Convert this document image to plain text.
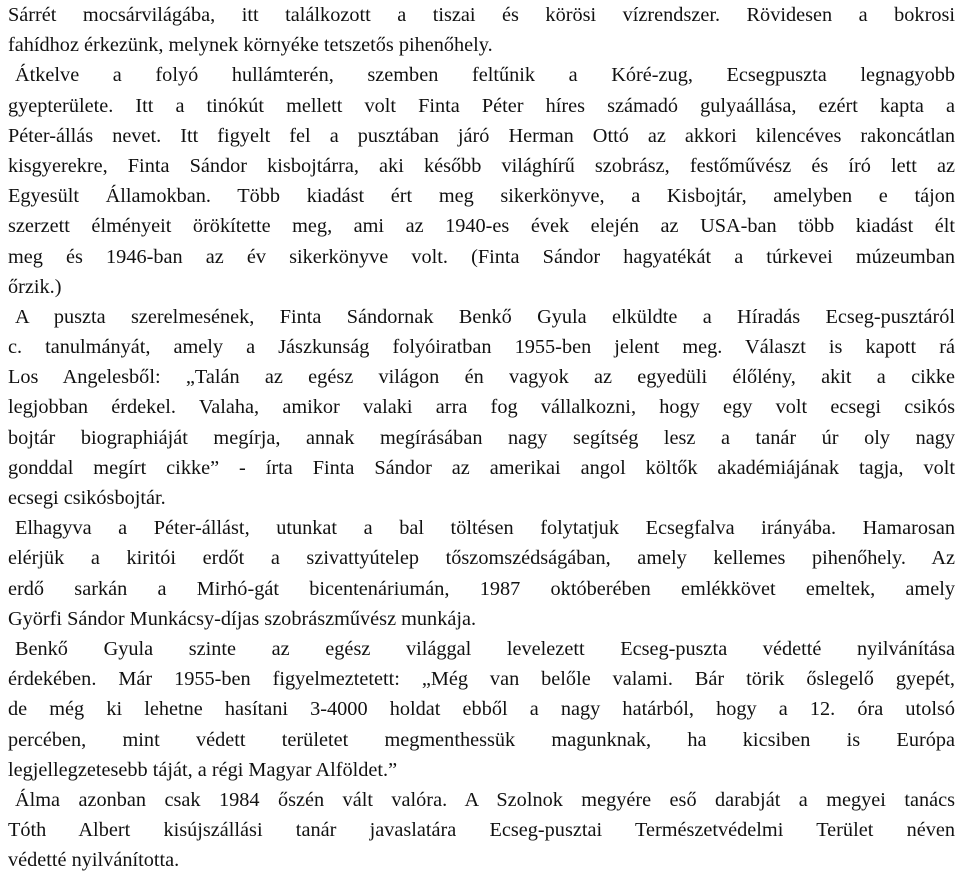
Sárrét mocsárvilágába, itt találkozott a tiszai és körösi vízrendszer. Rövidesen a bokrosi
fahídhoz érkezünk, melynek környéke tetszetős pihenőhely.
Átkelve a folyó hullámterén, szemben feltűnik a Kóré-zug, Ecsegpuszta legnagyobb
gyepterülete. Itt a tinókút mellett volt Finta Péter híres számadó gulyaállása, ezért kapta a
Péter-állás nevet. Itt figyelt fel a pusztában járó Herman Ottó az akkori kilencéves rakoncátlan
kisgyerekre, Finta Sándor kisbojtárra, aki később világhírű szobrász, festőművész és író lett az
Egyesült Államokban. Több kiadást ért meg sikerkönyve, a Kisbojtár, amelyben e tájon
szerzett élményeit örökítette meg, ami az 1940-es évek elején az USA-ban több kiadást élt
meg és 1946-ban az év sikerkönyve volt. (Finta Sándor hagyatékát a túrkevei múzeumban
őrzik.)
A puszta szerelmesének, Finta Sándornak Benkő Gyula elküldte a Híradás Ecseg-pusztáról
c. tanulmányát, amely a Jászkunság folyóiratban 1955-ben jelent meg. Választ is kapott rá
Los Angelesből: „Talán az egész világon én vagyok az egyedüli élőlény, akit a cikke
legjobban érdekel. Valaha, amikor valaki arra fog vállalkozni, hogy egy volt ecsegi csikós
bojtár biographiáját megírja, annak megírásában nagy segítség lesz a tanár úr oly nagy
gonddal megírt cikke” - írta Finta Sándor az amerikai angol költők akadémiájának tagja, volt
ecsegi csikósbojtár.
Elhagyva a Péter-állást, utunkat a bal töltésen folytatjuk Ecsegfalva irányába. Hamarosan
elérjük a kiritói erdőt a szivattyútelep tőszomszédságában, amely kellemes pihenőhely. Az
erdő sarkán a Mirhó-gát bicentenáriumán, 1987 októberében emlékkövet emeltek, amely
Györfi Sándor Munkácsy-díjas szobrászművész munkája.
Benkő Gyula szinte az egész világgal levelezett Ecseg-puszta védetté nyilvánítása
érdekében. Már 1955-ben figyelmeztetett: „Még van belőle valami. Bár törik őslegelő gyepét,
de még ki lehetne hasítani 3-4000 holdat ebből a nagy határból, hogy a 12. óra utolsó
percében, mint védett területet megmenthessük magunknak, ha kicsiben is Európa
legjellegzetesebb táját, a régi Magyar Alföldet.”
Álma azonban csak 1984 őszén vált valóra. A Szolnok megyére eső darabját a megyei tanács
Tóth Albert kisújszállási tanár javaslatára Ecseg-pusztai Természetvédelmi Terület néven
védetté nyilvánította.
